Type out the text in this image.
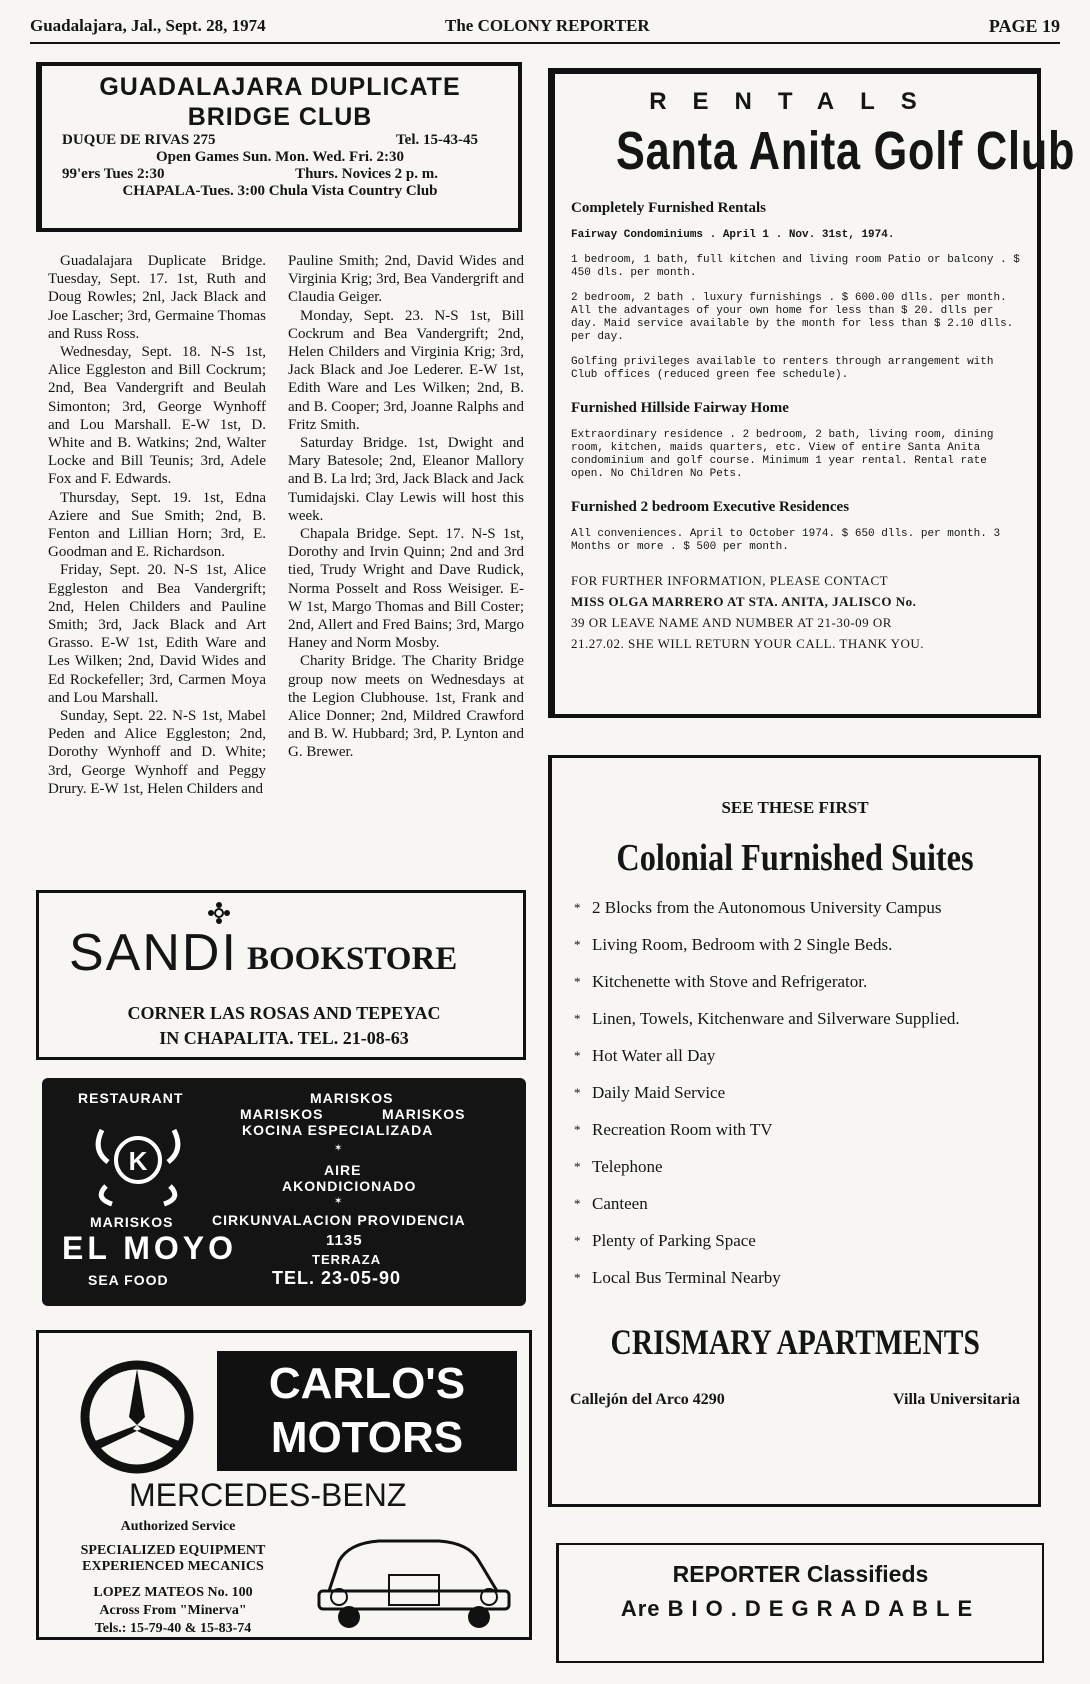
Guadalajara, Jal., Sept. 28, 1974	The COLONY REPORTER	PAGE 19
GUADALAJARA DUPLICATE
BRIDGE CLUB
DUQUE DE RIVAS 275	Tel. 15-43-45
Open Games Sun. Mon. Wed. Fri. 2:30
99'ers Tues 2:30	Thurs. Novices 2 p. m.
CHAPALA-Tues. 3:00 Chula Vista Country Club

Guadalajara Duplicate Bridge. Tuesday, Sept. 17. 1st, Ruth and Doug Rowles; 2nl, Jack Black and Joe Lascher; 3rd, Germaine Thomas and Russ Ross.

Wednesday, Sept. 18. N-S 1st, Alice Eggleston and Bill Cockrum; 2nd, Bea Vandergrift and Beulah Simonton; 3rd, George Wynhoff and Lou Marshall. E-W 1st, D. White and B. Watkins; 2nd, Walter Locke and Bill Teunis; 3rd, Adele Fox and F. Edwards.

Thursday, Sept. 19. 1st, Edna Aziere and Sue Smith; 2nd, B. Fenton and Lillian Horn; 3rd, E. Goodman and E. Richardson.

Friday, Sept. 20. N-S 1st, Alice Eggleston and Bea Vandergrift; 2nd, Helen Childers and Pauline Smith; 3rd, Jack Black and Art Grasso. E-W 1st, Edith Ware and Les Wilken; 2nd, David Wides and Ed Rockefeller; 3rd, Carmen Moya and Lou Marshall.

Sunday, Sept. 22. N-S 1st, Mabel Peden and Alice Eggleston; 2nd, Dorothy Wynhoff and D. White; 3rd, George Wynhoff and Peggy Drury. E-W 1st, Helen Childers and

Pauline Smith; 2nd, David Wides and Virginia Krig; 3rd, Bea Vandergrift and Claudia Geiger.

Monday, Sept. 23. N-S 1st, Bill Cockrum and Bea Vandergrift; 2nd, Helen Childers and Virginia Krig; 3rd, Jack Black and Joe Lederer. E-W 1st, Edith Ware and Les Wilken; 2nd, B. and B. Cooper; 3rd, Joanne Ralphs and Fritz Smith.

Saturday Bridge. 1st, Dwight and Mary Batesole; 2nd, Eleanor Mallory and B. La lrd; 3rd, Jack Black and Jack Tumidajski. Clay Lewis will host this week.

Chapala Bridge. Sept. 17. N-S 1st, Dorothy and Irvin Quinn; 2nd and 3rd tied, Trudy Wright and Dave Rudick, Norma Posselt and Ross Weisiger. E-W 1st, Margo Thomas and Bill Coster; 2nd, Allert and Fred Bains; 3rd, Margo Haney and Norm Mosby.

Charity Bridge. The Charity Bridge group now meets on Wednesdays at the Legion Clubhouse. 1st, Frank and Alice Donner; 2nd, Mildred Crawford and B. W. Hubbard; 3rd, P. Lynton and G. Brewer.

RENTALS
Santa Anita Golf Club
Completely Furnished Rentals
Fairway Condominiums . April 1 . Nov. 31st, 1974.
1 bedroom, 1 bath, full kitchen and living room Patio or balcony . $ 450 dls. per month.
2 bedroom, 2 bath . luxury furnishings . $ 600.00 dlls. per month. All the advantages of your own home for less than $ 20. dlls per day. Maid service available by the month for less than $ 2.10 dlls. per day.
Golfing privileges available to renters through arrangement with Club offices (reduced green fee schedule).
Furnished Hillside Fairway Home
Extraordinary residence . 2 bedroom, 2 bath, living room, dining room, kitchen, maids quarters, etc. View of entire Santa Anita condominium and golf course. Minimum 1 year rental. Rental rate open. No Children No Pets.
Furnished 2 bedroom Executive Residences
All conveniences. April to October 1974. $ 650 dlls. per month. 3 Months or more . $ 500 per month.
FOR FURTHER INFORMATION, PLEASE CONTACT
MISS OLGA MARRERO AT STA. ANITA, JALISCO No.
39 OR LEAVE NAME AND NUMBER AT 21-30-09 OR
21.27.02. SHE WILL RETURN YOUR CALL. THANK YOU.
SEE THESE FIRST
Colonial Furnished Suites
* 2 Blocks from the Autonomous University Campus
* Living Room, Bedroom with 2 Single Beds.
* Kitchenette with Stove and Refrigerator.
* Linen, Towels, Kitchenware and Silverware Supplied.
* Hot Water all Day
* Daily Maid Service
* Recreation Room with TV
* Telephone
* Canteen
* Plenty of Parking Space
* Local Bus Terminal Nearby
CRISMARY APARTMENTS
Callejón del Arco 4290	Villa Universitaria
REPORTER Classifieds
Are BIO.DEGRADABLE
SANDI BOOKSTORE
CORNER LAS ROSAS AND TEPEYAC
IN CHAPALITA. TEL. 21-08-63
RESTAURANT	MARISKOS
MARISKOS	MARISKOS
KOCINA ESPECIALIZADA
✶
AIRE
AKONDICIONADO
✶
CIRKUNVALACION PROVIDENCIA
1135
TERRAZA
K
MARISKOS
EL MOYO
SEA FOOD	TEL. 23-05-90
CARLO'S
MOTORS
MERCEDES-BENZ
Authorized Service
SPECIALIZED EQUIPMENT
EXPERIENCED MECANICS
LOPEZ MATEOS No. 100
Across From "Minerva"
Tels.: 15-79-40 & 15-83-74
